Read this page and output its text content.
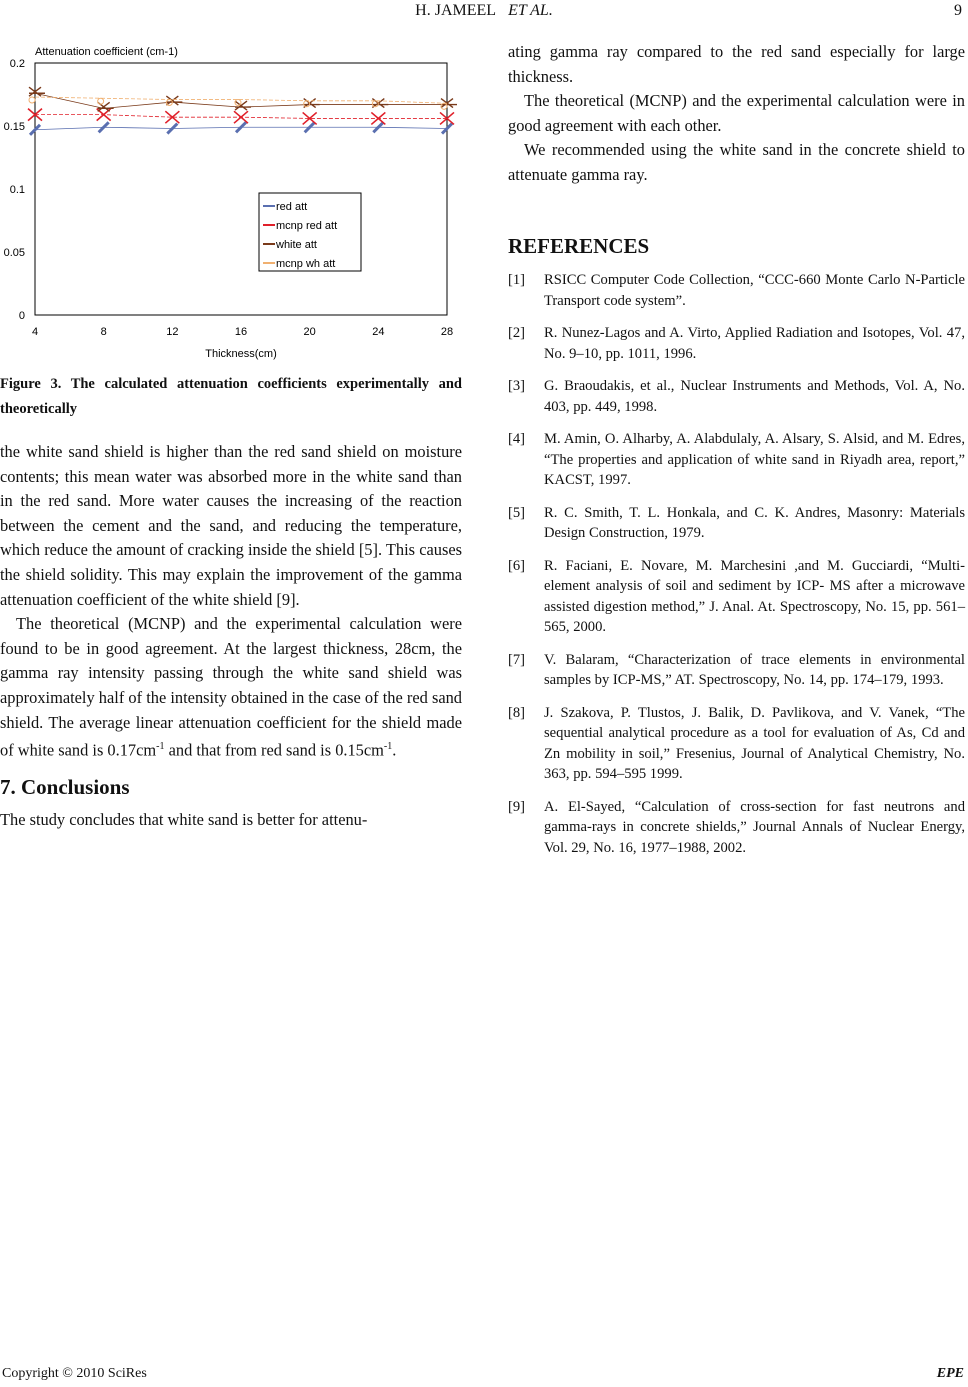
H. JAMEEL ET AL.	9
Attenuation coefficient (cm-1)
0
0.05
0.1
0.15
0.2
4	8	12	16	20	24	28
Thickness(cm)
red att
mcnp red att
white att
mcnp wh att
Figure 3. The calculated attenuation coefficients experimentally and theoretically

the white sand shield is higher than the red sand shield on moisture contents; this mean water was absorbed more in the white sand than in the red sand. More water causes the increasing of the reaction between the cement and the sand, and reducing the temperature, which reduce the amount of cracking inside the shield [5]. This causes the shield solidity. This may explain the improvement of the gamma attenuation coefficient of the white shield [9].

The theoretical (MCNP) and the experimental calculation were found to be in good agreement. At the largest thickness, 28cm, the gamma ray intensity passing through the white sand shield was approximately half of the intensity obtained in the case of the red sand shield. The average linear attenuation coefficient for the shield made of white sand is $0.17cm^{-1}$ and that from red sand is $0.15cm^{-1}$.

7. Conclusions

The study concludes that white sand is better for attenu-

ating gamma ray compared to the red sand especially for large thickness.

The theoretical (MCNP) and the experimental calculation were in good agreement with each other.

We recommended using the white sand in the concrete shield to attenuate gamma ray.

REFERENCES
[1]	RSICC Computer Code Collection, “CCC-660 Monte Carlo N-Particle Transport code system”.
[2]	R. Nunez-Lagos and A. Virto, Applied Radiation and Isotopes, Vol. 47, No. 9–10, pp. 1011, 1996.
[3]	G. Braoudakis, et al., Nuclear Instruments and Methods, Vol. A, No. 403, pp. 449, 1998.
[4]	M. Amin, O. Alharby, A. Alabdulaly, A. Alsary, S. Alsid, and M. Edres, “The properties and application of white sand in Riyadh area, report,” KACST, 1997.
[5]	R. C. Smith, T. L. Honkala, and C. K. Andres, Masonry: Materials Design Construction, 1979.
[6]	R. Faciani, E. Novare, M. Marchesini ,and M. Gucciardi, “Multi-element analysis of soil and sediment by ICP- MS after a microwave assisted digestion method,” J. Anal. At. Spectroscopy, No. 15, pp. 561–565, 2000.
[7]	V. Balaram, “Characterization of trace elements in environmental samples by ICP-MS,” AT. Spectroscopy, No. 14, pp. 174–179, 1993.
[8]	J. Szakova, P. Tlustos, J. Balik, D. Pavlikova, and V. Vanek, “The sequential analytical procedure as a tool for evaluation of As, Cd and Zn mobility in soil,” Fresenius, Journal of Analytical Chemistry, No. 363, pp. 594–595 1999.
[9]	A. El-Sayed, “Calculation of cross-section for fast neutrons and gamma-rays in concrete shields,” Journal Annals of Nuclear Energy, Vol. 29, No. 16, 1977–1988, 2002.
Copyright © 2010 SciRes	EPE
